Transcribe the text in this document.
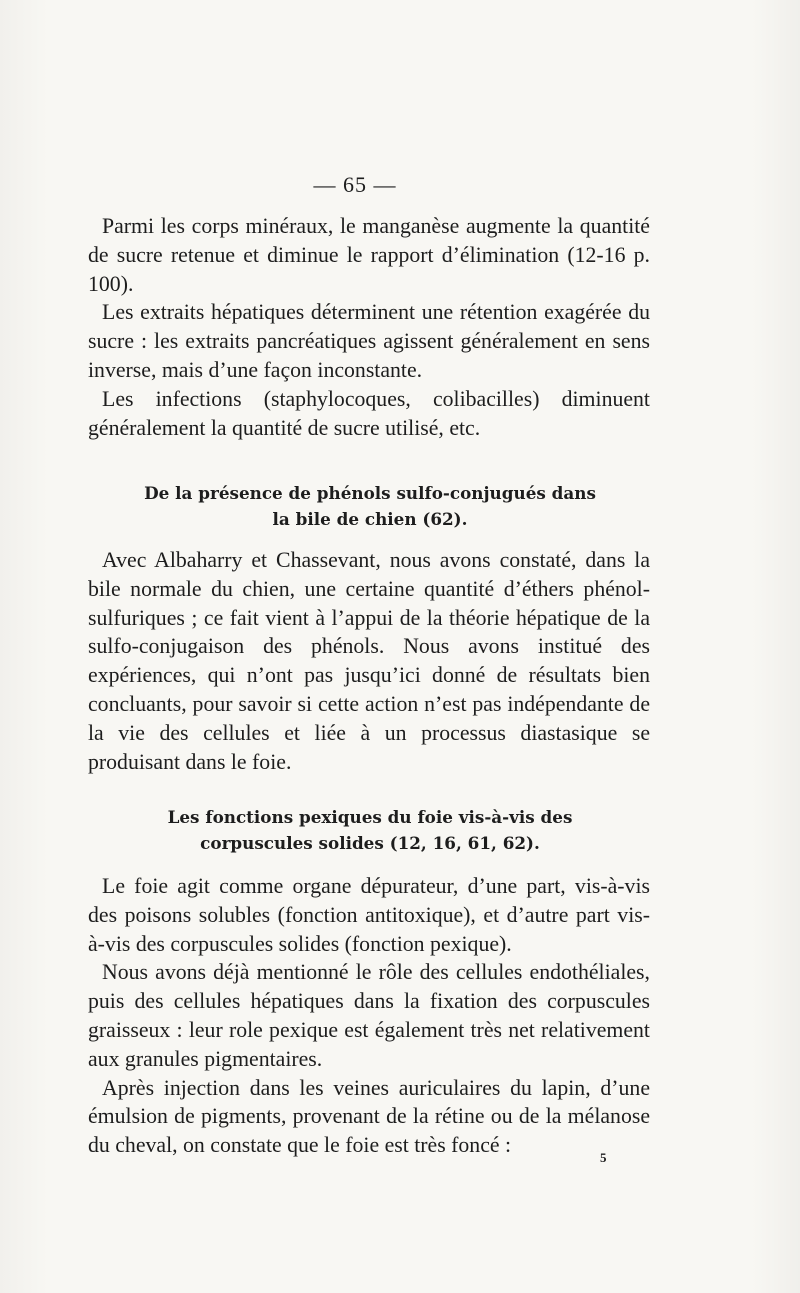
— 65 —

Parmi les corps minéraux, le manganèse augmente la quantité de sucre retenue et diminue le rapport d’élimination (12-16 p. 100).

Les extraits hépatiques déterminent une rétention exagérée du sucre : les extraits pancréatiques agissent généralement en sens inverse, mais d’une façon inconstante.

Les infections (staphylocoques, colibacilles) diminuent généralement la quantité de sucre utilisé, etc.

De la présence de phénols sulfo-conjugués dans
la bile de chien (62).

Avec Albaharry et Chassevant, nous avons constaté, dans la bile normale du chien, une certaine quantité d’éthers phénol-sulfuriques ; ce fait vient à l’appui de la théorie hépatique de la sulfo-conjugaison des phénols. Nous avons institué des expériences, qui n’ont pas jusqu’ici donné de résultats bien concluants, pour savoir si cette action n’est pas indépendante de la vie des cellules et liée à un processus diastasique se produisant dans le foie.

Les fonctions pexiques du foie vis-à-vis des
corpuscules solides (12, 16, 61, 62).

Le foie agit comme organe dépurateur, d’une part, vis-à-vis des poisons solubles (fonction antitoxique), et d’autre part vis-à-vis des corpuscules solides (fonction pexique).

Nous avons déjà mentionné le rôle des cellules endothéliales, puis des cellules hépatiques dans la fixation des corpuscules graisseux : leur role pexique est également très net relativement aux granules pigmentaires.

Après injection dans les veines auriculaires du lapin, d’une émulsion de pigments, provenant de la rétine ou de la mélanose du cheval, on constate que le foie est très foncé :

5
